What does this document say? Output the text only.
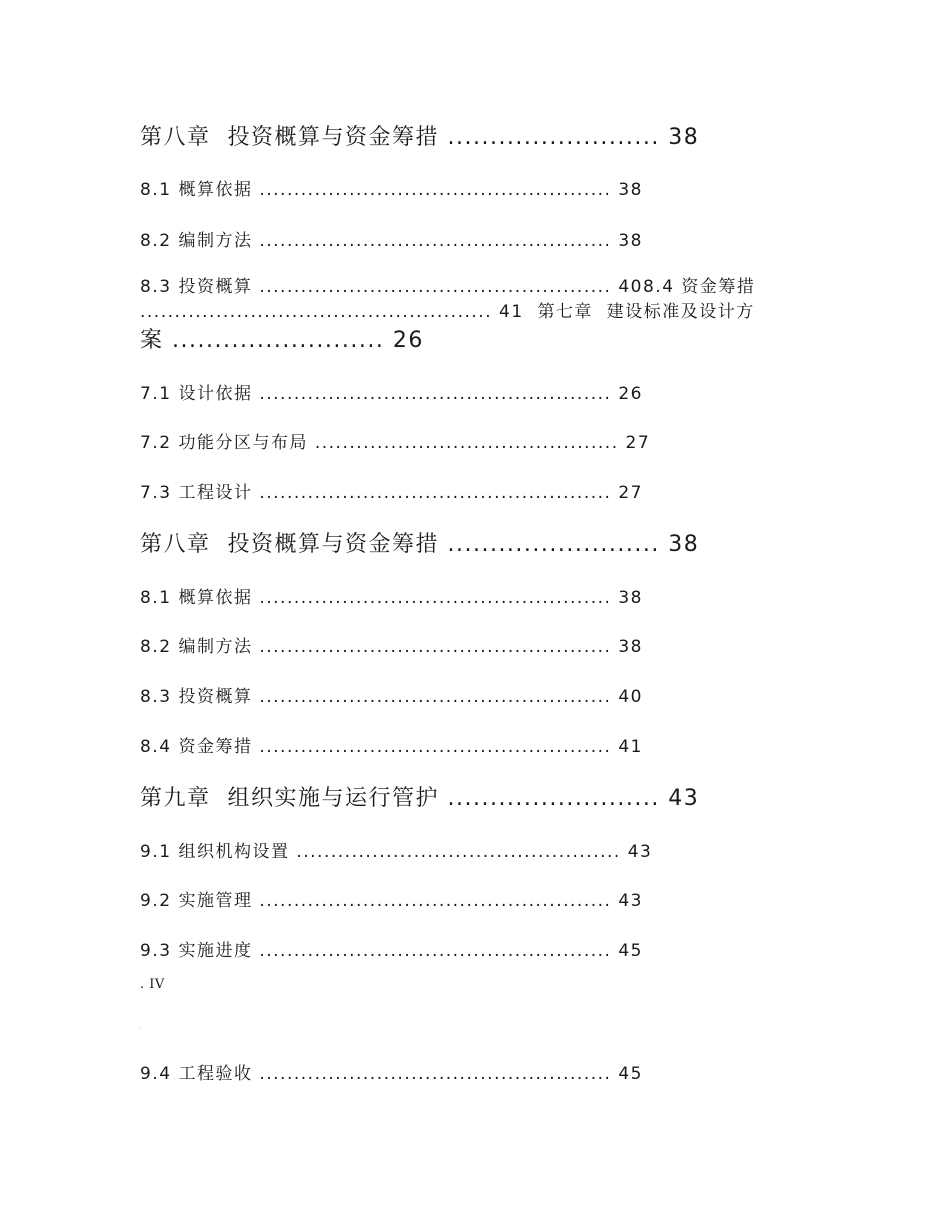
第八章  投资概算与资金筹措 ......................... 38
8.1 概算依据 ................................................... 38
8.2 编制方法 ................................................... 38
8.3 投资概算 ................................................... 408.4 资金筹措
................................................... 41  第七章  建设标准及设计方
案 ......................... 26
7.1 设计依据 ................................................... 26
7.2 功能分区与布局 ............................................ 27
7.3 工程设计 ................................................... 27
第八章  投资概算与资金筹措 ......................... 38
8.1 概算依据 ................................................... 38
8.2 编制方法 ................................................... 38
8.3 投资概算 ................................................... 40
8.4 资金筹措 ................................................... 41
第九章  组织实施与运行管护 ......................... 43
9.1 组织机构设置 ............................................... 43
9.2 实施管理 ................................................... 43
9.3 实施进度 ................................................... 45
. IV
.
9.4 工程验收 ................................................... 45
